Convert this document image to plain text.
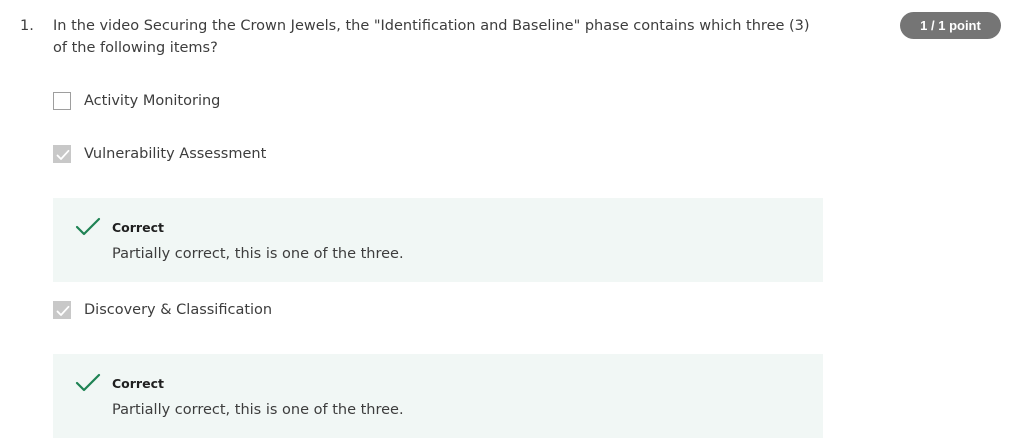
1. In the video Securing the Crown Jewels, the "Identification and Baseline" phase contains which three (3) of the following items?
1 / 1 point
Activity Monitoring
Vulnerability Assessment
Correct
Partially correct, this is one of the three.
Discovery & Classification
Correct
Partially correct, this is one of the three.
